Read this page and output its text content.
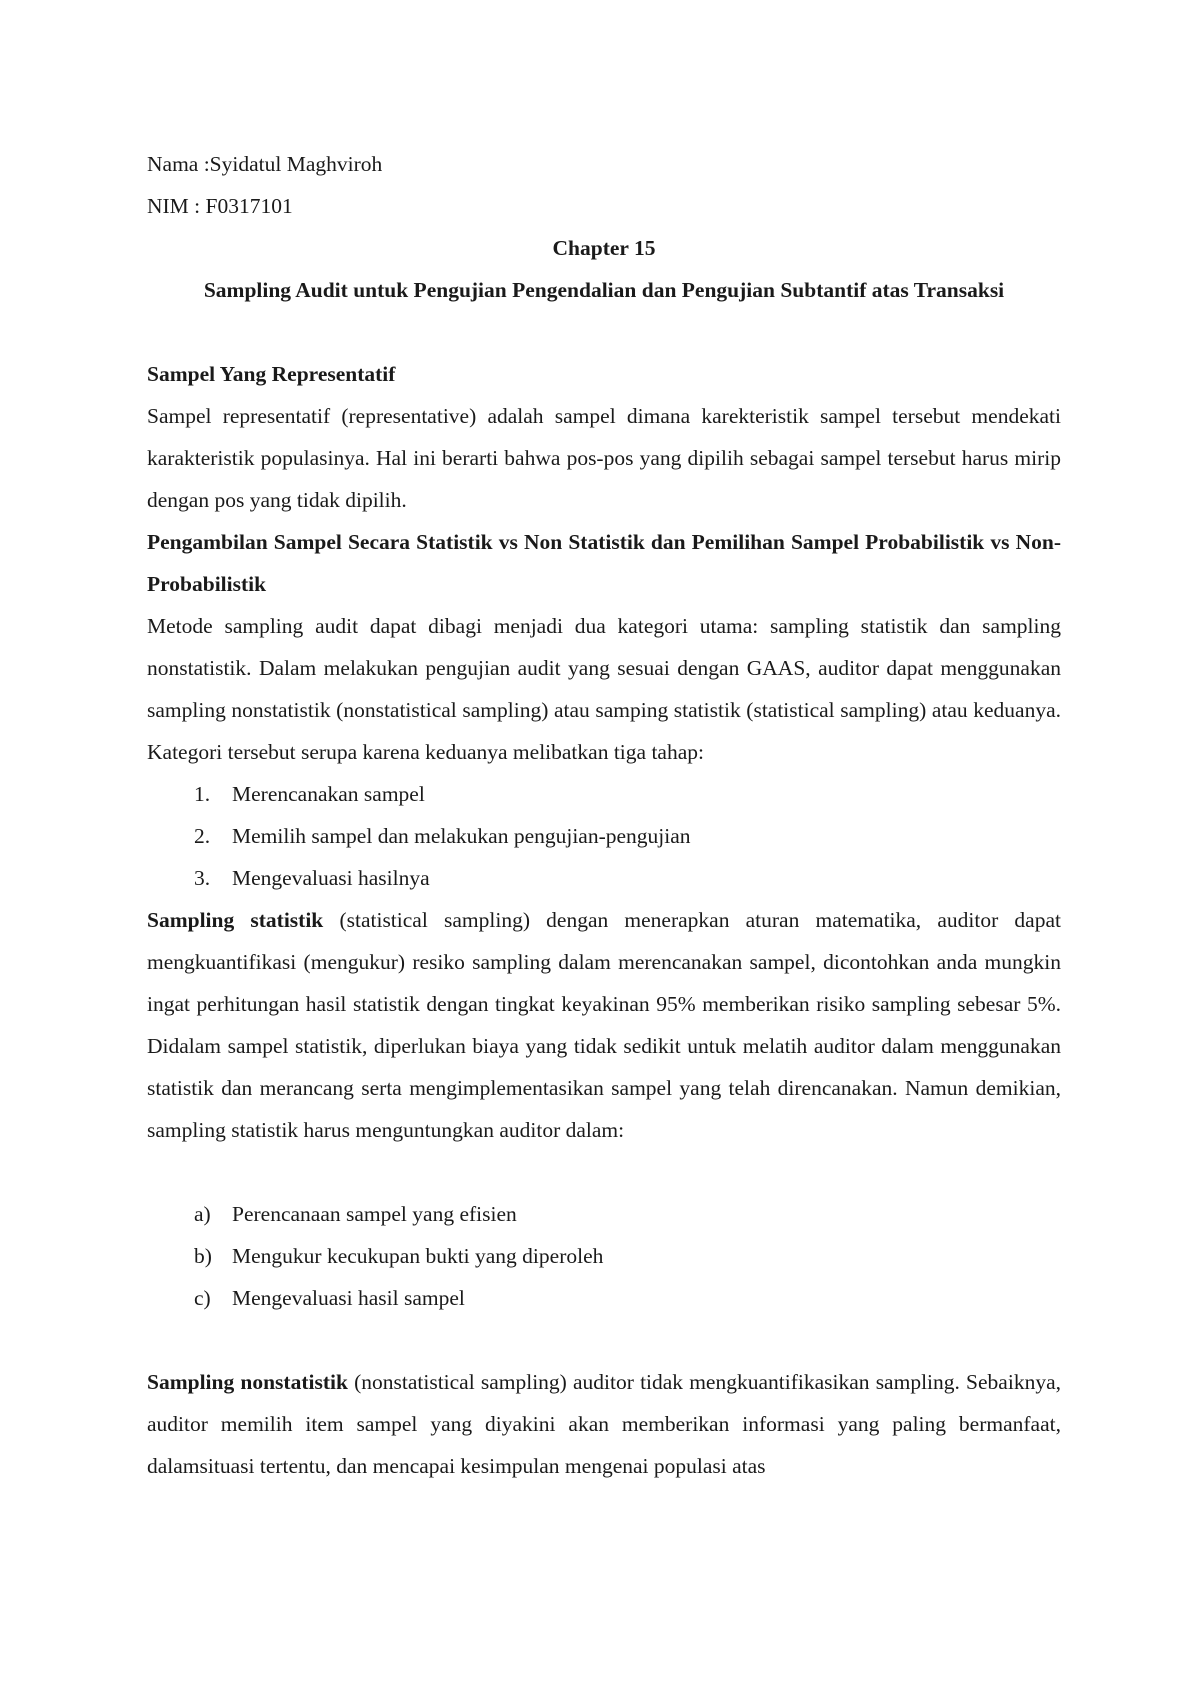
Nama :Syidatul Maghviroh

NIM : F0317101

Chapter 15

Sampling Audit untuk Pengujian Pengendalian dan Pengujian Subtantif atas Transaksi

Sampel Yang Representatif

Sampel representatif (representative) adalah sampel dimana karekteristik sampel tersebut mendekati karakteristik populasinya. Hal ini berarti bahwa pos-pos yang dipilih sebagai sampel tersebut harus mirip dengan pos yang tidak dipilih.

Pengambilan Sampel Secara Statistik vs Non Statistik dan Pemilihan Sampel Probabilistik vs Non-Probabilistik

Metode sampling audit dapat dibagi menjadi dua kategori utama: sampling statistik dan sampling nonstatistik. Dalam melakukan pengujian audit yang sesuai dengan GAAS, auditor dapat menggunakan sampling nonstatistik (nonstatistical sampling) atau samping statistik (statistical sampling) atau keduanya. Kategori tersebut serupa karena keduanya melibatkan tiga tahap:

1. Merencanakan sampel
2. Memilih sampel dan melakukan pengujian-pengujian
3. Mengevaluasi hasilnya

Sampling statistik (statistical sampling) dengan menerapkan aturan matematika, auditor dapat mengkuantifikasi (mengukur) resiko sampling dalam merencanakan sampel, dicontohkan anda mungkin ingat perhitungan hasil statistik dengan tingkat keyakinan 95% memberikan risiko sampling sebesar 5%. Didalam sampel statistik, diperlukan biaya yang tidak sedikit untuk melatih auditor dalam menggunakan statistik dan merancang serta mengimplementasikan sampel yang telah direncanakan. Namun demikian, sampling statistik harus menguntungkan auditor dalam:

a) Perencanaan sampel yang efisien
b) Mengukur kecukupan bukti yang diperoleh
c) Mengevaluasi hasil sampel

Sampling nonstatistik (nonstatistical sampling) auditor tidak mengkuantifikasikan sampling. Sebaiknya, auditor memilih item sampel yang diyakini akan memberikan informasi yang paling bermanfaat, dalamsituasi tertentu, dan mencapai kesimpulan mengenai populasi atas
